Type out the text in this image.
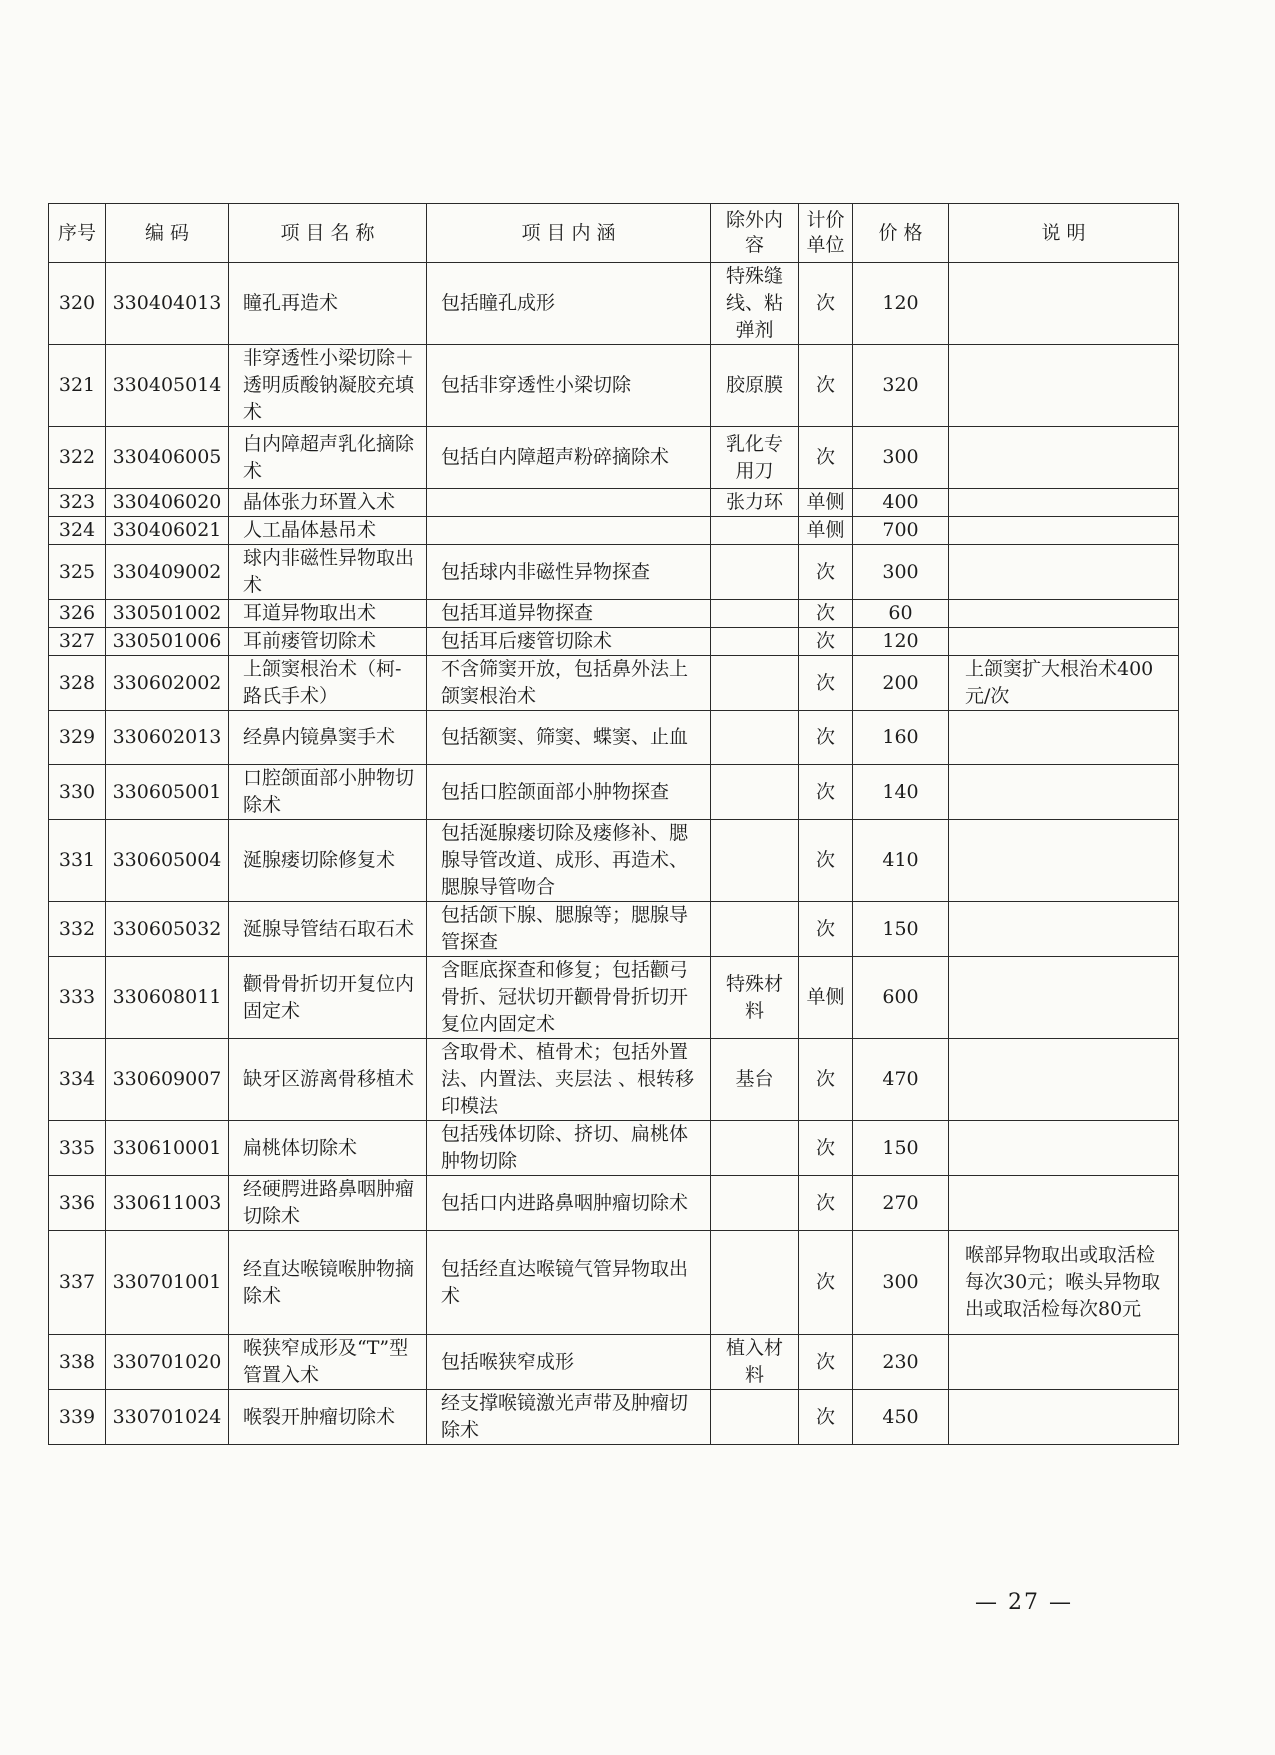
序号	编 码	项 目 名 称	项 目 内 涵	除外内容	计价单位	价 格	说 明
320	330404013	瞳孔再造术	包括瞳孔成形	特殊缝线、粘弹剂	次	120	
321	330405014	非穿透性小梁切除＋透明质酸钠凝胶充填术	包括非穿透性小梁切除	胶原膜	次	320	
322	330406005	白内障超声乳化摘除术	包括白内障超声粉碎摘除术	乳化专用刀	次	300	
323	330406020	晶体张力环置入术		张力环	单侧	400	
324	330406021	人工晶体悬吊术			单侧	700	
325	330409002	球内非磁性异物取出术	包括球内非磁性异物探查		次	300	
326	330501002	耳道异物取出术	包括耳道异物探查		次	60	
327	330501006	耳前瘘管切除术	包括耳后瘘管切除术		次	120	
328	330602002	上颌窦根治术（柯-路氏手术）	不含筛窦开放，包括鼻外法上颌窦根治术		次	200	上颌窦扩大根治术400元/次
329	330602013	经鼻内镜鼻窦手术	包括额窦、筛窦、蝶窦、止血		次	160	
330	330605001	口腔颌面部小肿物切除术	包括口腔颌面部小肿物探查		次	140	
331	330605004	涎腺瘘切除修复术	包括涎腺瘘切除及瘘修补、腮腺导管改道、成形、再造术、腮腺导管吻合		次	410	
332	330605032	涎腺导管结石取石术	包括颌下腺、腮腺等；腮腺导管探查		次	150	
333	330608011	颧骨骨折切开复位内固定术	含眶底探查和修复；包括颧弓骨折、冠状切开颧骨骨折切开复位内固定术	特殊材料	单侧	600	
334	330609007	缺牙区游离骨移植术	含取骨术、植骨术；包括外置法、内置法、夹层法 、根转移印模法	基台	次	470	
335	330610001	扁桃体切除术	包括残体切除、挤切、扁桃体肿物切除		次	150	
336	330611003	经硬腭进路鼻咽肿瘤切除术	包括口内进路鼻咽肿瘤切除术		次	270	
337	330701001	经直达喉镜喉肿物摘除术	包括经直达喉镜气管异物取出术		次	300	喉部异物取出或取活检每次30元；喉头异物取出或取活检每次80元
338	330701020	喉狭窄成形及“T”型管置入术	包括喉狭窄成形	植入材料	次	230	
339	330701024	喉裂开肿瘤切除术	经支撑喉镜激光声带及肿瘤切除术		次	450	
— 27 —
